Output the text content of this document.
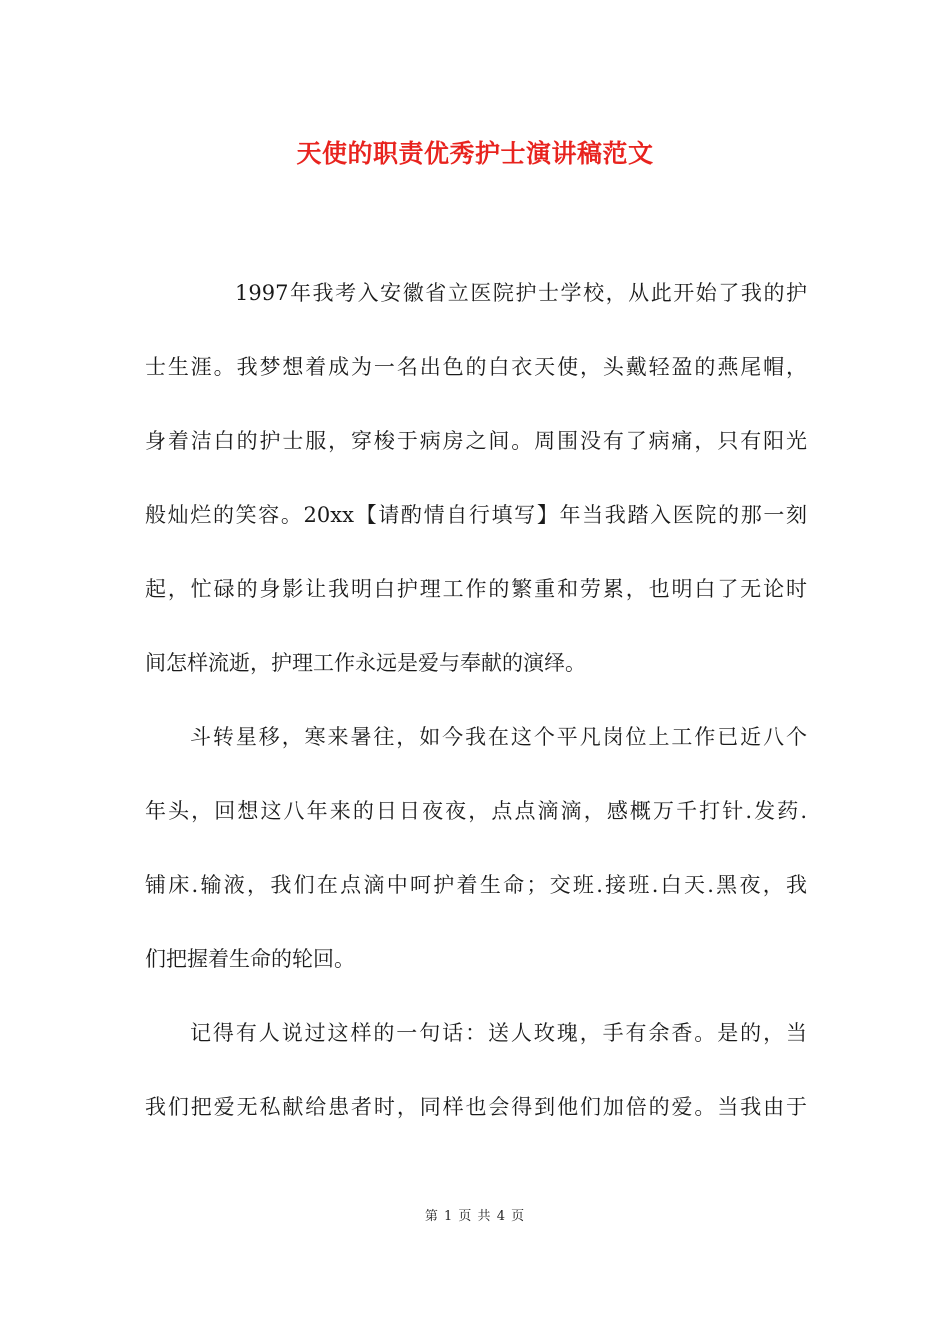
天使的职责优秀护士演讲稿范文
1997年我考入安徽省立医院护士学校，从此开始了我的护
士生涯。我梦想着成为一名出色的白衣天使，头戴轻盈的燕尾帽，
身着洁白的护士服，穿梭于病房之间。周围没有了病痛，只有阳光
般灿烂的笑容。20xx【请酌情自行填写】年当我踏入医院的那一刻
起，忙碌的身影让我明白护理工作的繁重和劳累，也明白了无论时
间怎样流逝，护理工作永远是爱与奉献的演绎。
斗转星移，寒来暑往，如今我在这个平凡岗位上工作已近八个
年头，回想这八年来的日日夜夜，点点滴滴，感概万千打针.发药.
铺床.输液，我们在点滴中呵护着生命；交班.接班.白天.黑夜，我
们把握着生命的轮回。
记得有人说过这样的一句话：送人玫瑰，手有余香。是的，当
我们把爱无私献给患者时，同样也会得到他们加倍的爱。当我由于
第 1 页 共 4 页
